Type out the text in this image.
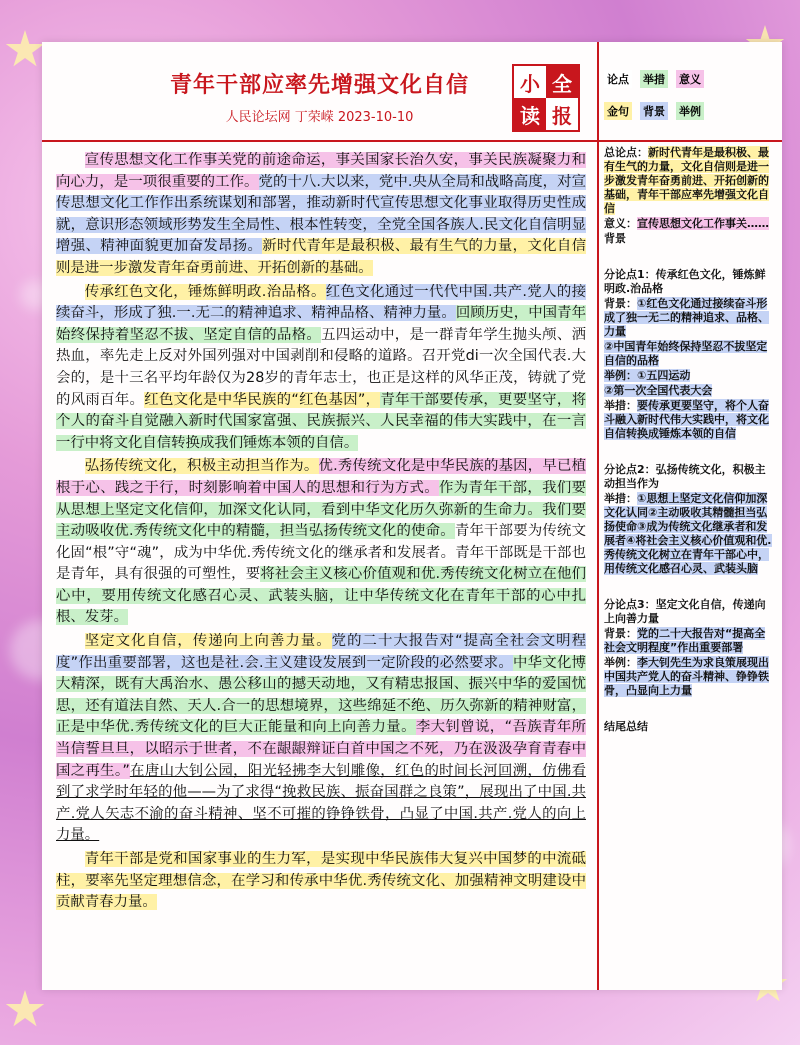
青年干部应率先增强文化自信
人民论坛网 丁荣嵘 2023-10-10
小 全
读 报
论点 举措 意义
金句 背景 举例

宣传思想文化工作事关党的前途命运，事关国家长治久安，事关民族凝聚力和向心力，是一项很重要的工作。党的十八.大以来，党中.央从全局和战略高度，对宣传思想文化工作作出系统谋划和部署，推动新时代宣传思想文化事业取得历史性成就，意识形态领域形势发生全局性、根本性转变，全党全国各族人.民文化自信明显增强、精神面貌更加奋发昂扬。新时代青年是最积极、最有生气的力量，文化自信则是进一步激发青年奋勇前进、开拓创新的基础。

传承红色文化，锤炼鲜明政.治品格。红色文化通过一代代中国.共产.党人的接续奋斗，形成了独.一.无二的精神追求、精神品格、精神力量。回顾历史，中国青年始终保持着坚忍不拔、坚定自信的品格。五四运动中，是一群青年学生抛头颅、洒热血，率先走上反对外国列强对中国剥削和侵略的道路。召开党di一次全国代表.大会的，是十三名平均年龄仅为28岁的青年志士，也正是这样的风华正茂，铸就了党的风雨百年。红色文化是中华民族的“红色基因”，青年干部要传承，更要坚守，将个人的奋斗自觉融入新时代国家富强、民族振兴、人民幸福的伟大实践中，在一言一行中将文化自信转换成我们锤炼本领的自信。

弘扬传统文化，积极主动担当作为。优.秀传统文化是中华民族的基因，早已植根于心、践之于行，时刻影响着中国人的思想和行为方式。作为青年干部，我们要从思想上坚定文化信仰，加深文化认同，看到中华文化历久弥新的生命力。我们要主动吸收优.秀传统文化中的精髓，担当弘扬传统文化的使命。青年干部要为传统文化固“根”守“魂”，成为中华优.秀传统文化的继承者和发展者。青年干部既是干部也是青年，具有很强的可塑性，要将社会主义核心价值观和优.秀传统文化树立在他们心中，要用传统文化感召心灵、武装头脑，让中华传统文化在青年干部的心中扎根、发芽。

坚定文化自信，传递向上向善力量。党的二十大报告对“提高全社会文明程度”作出重要部署，这也是社.会.主义建设发展到一定阶段的必然要求。中华文化博大精深，既有大禹治水、愚公移山的撼天动地，又有精忠报国、振兴中华的爱国忧思，还有道法自然、天人.合一的思想境界，这些绵延不绝、历久弥新的精神财富，正是中华优.秀传统文化的巨大正能量和向上向善力量。李大钊曾说，“吾族青年所当信誓旦旦，以昭示于世者，不在龈龈辩证白首中国之不死，乃在汲汲孕育青春中国之再生。”在唐山大钊公园，阳光轻拂李大钊雕像，红色的时间长河回溯，仿佛看到了求学时年轻的他——为了求得“挽救民族、振奋国群之良策”，展现出了中国.共产.党人矢志不渝的奋斗精神、坚不可摧的铮铮铁骨，凸显了中国.共产.党人的向上力量。

青年干部是党和国家事业的生力军，是实现中华民族伟大复兴中国梦的中流砥柱，要率先坚定理想信念，在学习和传承中华优.秀传统文化、加强精神文明建设中贡献青春力量。

总论点：新时代青年是最积极、最有生气的力量，文化自信则是进一步激发青年奋勇前进、开拓创新的基础，青年干部应率先增强文化自信
意义：宣传思想文化工作事关……
背景
分论点1：传承红色文化，锤炼鲜明政.治品格
背景：①红色文化通过接续奋斗形成了独一无二的精神追求、品格、力量
②中国青年始终保持坚忍不拔坚定自信的品格
举例：①五四运动
②第一次全国代表大会
举措：要传承更要坚守，将个人奋斗融入新时代伟大实践中，将文化自信转换成锤炼本领的自信
分论点2：弘扬传统文化，积极主动担当作为
举措：①思想上坚定文化信仰加深文化认同②主动吸收其精髓担当弘扬使命③成为传统文化继承者和发展者④将社会主义核心价值观和优.秀传统文化树立在青年干部心中，用传统文化感召心灵、武装头脑
分论点3：坚定文化自信，传递向上向善力量
背景：党的二十大报告对“提高全社会文明程度”作出重要部署
举例：李大钊先生为求良策展现出中国共产党人的奋斗精神、铮铮铁骨，凸显向上力量
结尾总结
